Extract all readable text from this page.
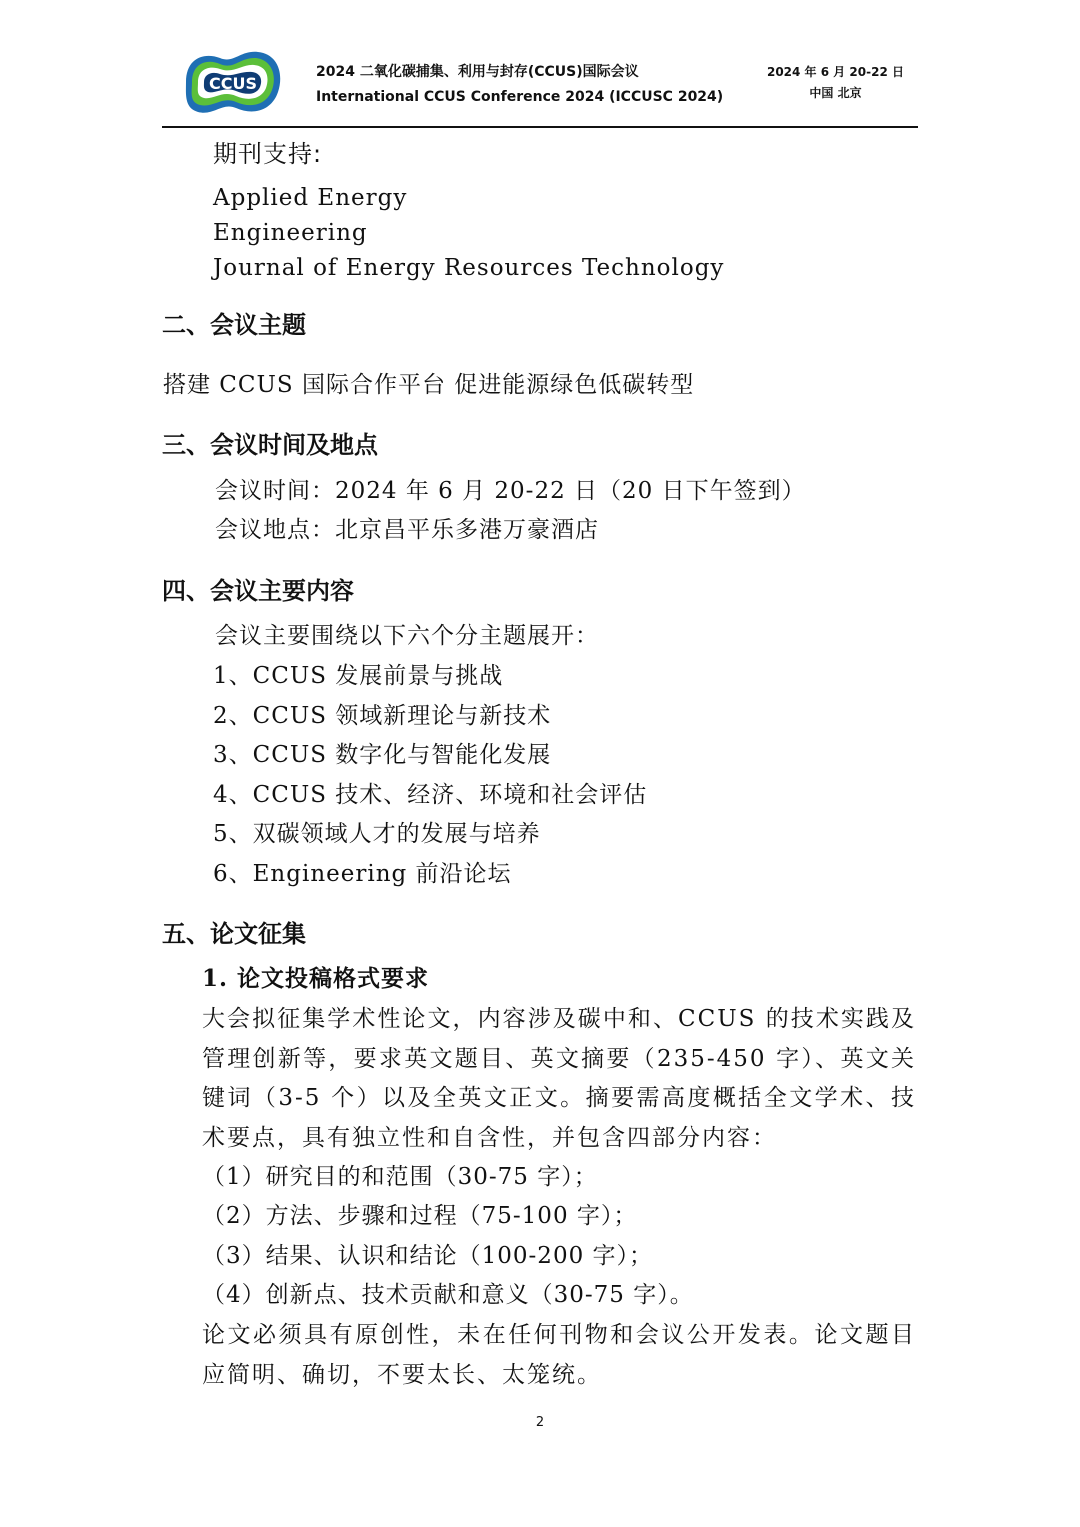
CCUS
2024 二氧化碳捕集、利用与封存(CCUS)国际会议
International CCUS Conference 2024 (ICCUSC 2024)
2024 年 6 月 20-22 日
中国 北京
期刊支持:
Applied Energy
Engineering
Journal of Energy Resources Technology
二、会议主题
搭建 CCUS 国际合作平台 促进能源绿色低碳转型
三、会议时间及地点
会议时间：2024 年 6 月 20-22 日（20 日下午签到）
会议地点：北京昌平乐多港万豪酒店
四、会议主要内容
会议主要围绕以下六个分主题展开：
1、CCUS 发展前景与挑战
2、CCUS 领域新理论与新技术
3、CCUS 数字化与智能化发展
4、CCUS 技术、经济、环境和社会评估
5、双碳领域人才的发展与培养
6、Engineering 前沿论坛
五、论文征集
1. 论文投稿格式要求
大会拟征集学术性论文，内容涉及碳中和、CCUS 的技术实践及管理创新等，要求英文题目、英文摘要（235-450 字）、英文关键词（3-5 个）以及全英文正文。摘要需高度概括全文学术、技术要点，具有独立性和自含性，并包含四部分内容：
（1）研究目的和范围（30-75 字）；
（2）方法、步骤和过程（75-100 字）；
（3）结果、认识和结论（100-200 字）；
（4）创新点、技术贡献和意义（30-75 字）。
论文必须具有原创性，未在任何刊物和会议公开发表。论文题目应简明、确切，不要太长、太笼统。
2
